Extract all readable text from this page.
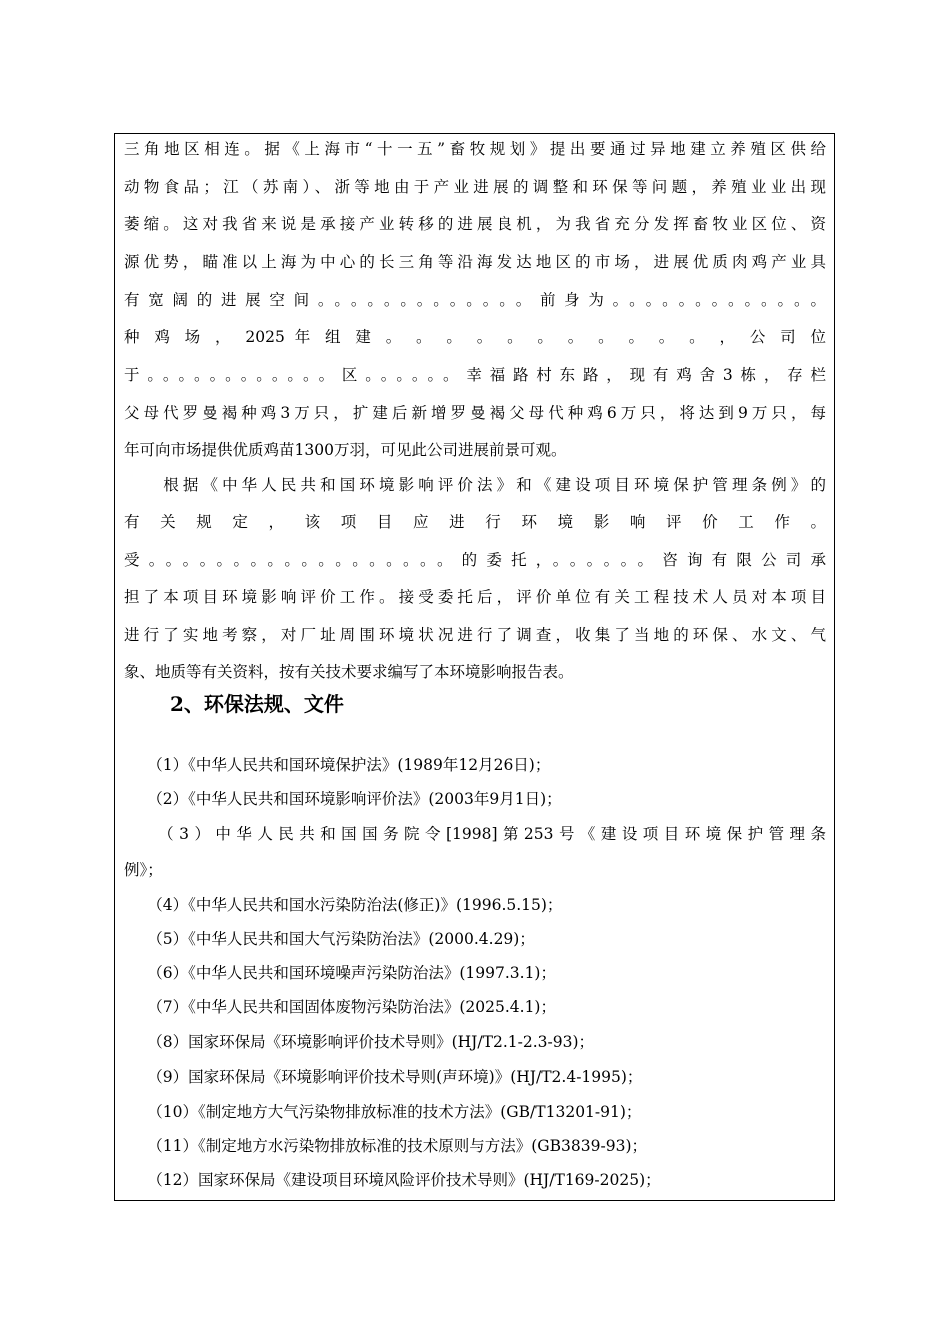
三角地区相连。据《上海市“十一五”畜牧规划》提出要通过异地建立养殖区供给
动物食品；江（苏南）、浙等地由于产业进展的调整和环保等问题，养殖业业出现
萎缩。这对我省来说是承接产业转移的进展良机，为我省充分发挥畜牧业区位、资
源优势，瞄准以上海为中心的长三角等沿海发达地区的市场，进展优质肉鸡产业具
有宽阔的进展空间。。。。。。。。。。。。。前身为。。。。。。。。。。。。。
种 鸡 场 ， 2025 年 组 建 。 。 。 。 。 。 。 。 。 。 。 ， 公 司 位
于。。。。。。。。。。。。区。。。。。。幸福路村东路，现有鸡舍3栋，存栏
父母代罗曼褐种鸡3万只，扩建后新增罗曼褐父母代种鸡6万只，将达到9万只，每
年可向市场提供优质鸡苗1300万羽，可见此公司进展前景可观。
　　根据《中华人民共和国环境影响评价法》和《建设项目环境保护管理条例》的
有 关 规 定 ， 该 项 目 应 进 行 环 境 影 响 评 价 工 作 。
受。。。。。。。。。。。。。。。。。。的委托，。。。。。。咨询有限公司承
担了本项目环境影响评价工作。接受委托后，评价单位有关工程技术人员对本项目
进行了实地考察，对厂址周围环境状况进行了调查，收集了当地的环保、水文、气
象、地质等有关资料，按有关技术要求编写了本环境影响报告表。
2、环保法规、文件
　　（1）《中华人民共和国环境保护法》(1989年12月26日)；
　　（2）《中华人民共和国环境影响评价法》(2003年9月1日)；
　　（3）中华人民共和国国务院令[1998]第253号《建设项目环境保护管理条
例》；
　　（4）《中华人民共和国水污染防治法(修正)》(1996.5.15)；
　　（5）《中华人民共和国大气污染防治法》(2000.4.29)；
　　（6）《中华人民共和国环境噪声污染防治法》(1997.3.1)；
　　（7）《中华人民共和国固体废物污染防治法》(2025.4.1)；
　　（8）国家环保局《环境影响评价技术导则》(HJ/T2.1-2.3-93)；
　　（9）国家环保局《环境影响评价技术导则(声环境)》(HJ/T2.4-1995)；
　　（10）《制定地方大气污染物排放标准的技术方法》(GB/T13201-91)；
　　（11）《制定地方水污染物排放标准的技术原则与方法》(GB3839-93)；
　　（12）国家环保局《建设项目环境风险评价技术导则》(HJ/T169-2025)；
